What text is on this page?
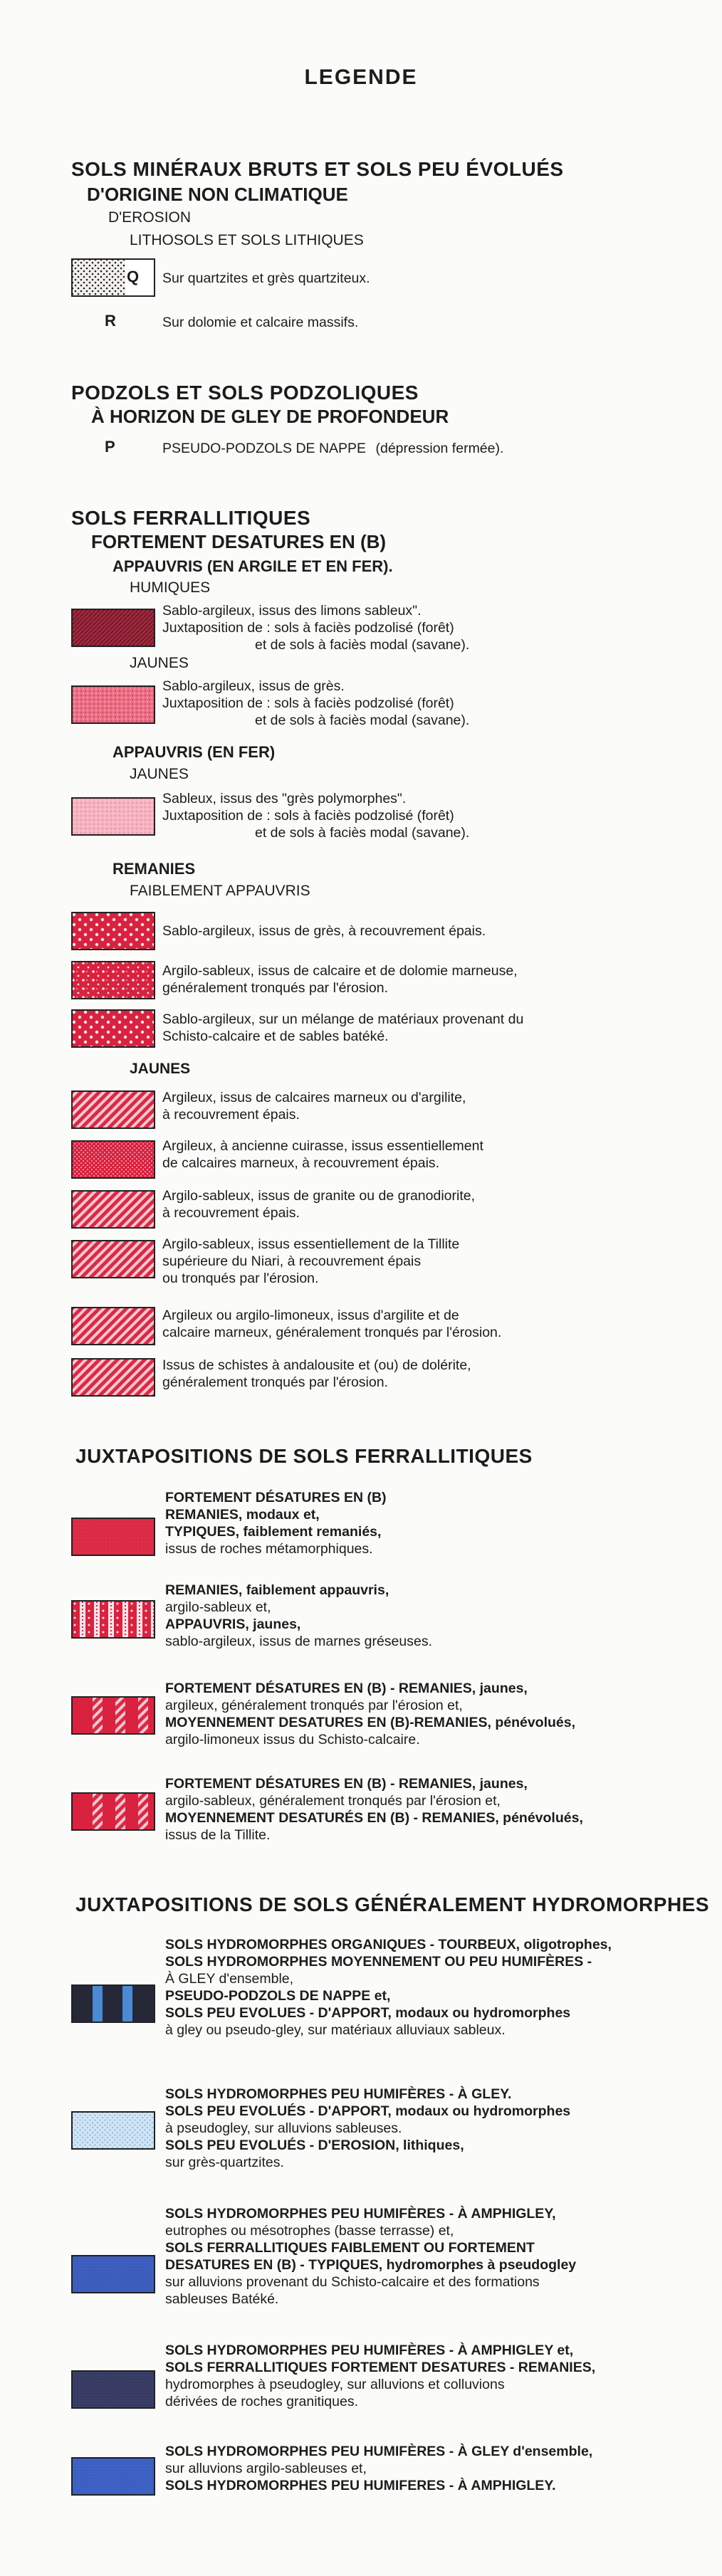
LEGENDE
SOLS MINÉRAUX BRUTS ET SOLS PEU ÉVOLUÉS
D'ORIGINE NON CLIMATIQUE
D'EROSION
LITHOSOLS ET SOLS LITHIQUES
Q Sur quartzites et grès quartziteux.
R	Sur dolomie et calcaire massifs.
PODZOLS ET SOLS PODZOLIQUES
À HORIZON DE GLEY DE PROFONDEUR
P	PSEUDO-PODZOLS DE NAPPE (dépression fermée).
SOLS FERRALLITIQUES
FORTEMENT DESATURES EN (B)
APPAUVRIS (EN ARGILE ET EN FER).
HUMIQUES
Sablo-argileux, issus des limons sableux".
Juxtaposition de : sols à faciès podzolisé (forêt)
et de sols à faciès modal (savane).
JAUNES
Sablo-argileux, issus de grès.
Juxtaposition de : sols à faciès podzolisé (forêt)
et de sols à faciès modal (savane).
APPAUVRIS (EN FER)
JAUNES
Sableux, issus des "grès polymorphes".
Juxtaposition de : sols à faciès podzolisé (forêt)
et de sols à faciès modal (savane).
REMANIES
FAIBLEMENT APPAUVRIS
Sablo-argileux, issus de grès, à recouvrement épais.
Argilo-sableux, issus de calcaire et de dolomie marneuse,
généralement tronqués par l'érosion.
Sablo-argileux, sur un mélange de matériaux provenant du
Schisto-calcaire et de sables batéké.
JAUNES
Argileux, issus de calcaires marneux ou d'argilite,
à recouvrement épais.
Argileux, à ancienne cuirasse, issus essentiellement
de calcaires marneux, à recouvrement épais.
Argilo-sableux, issus de granite ou de granodiorite,
à recouvrement épais.
Argilo-sableux, issus essentiellement de la Tillite
supérieure du Niari, à recouvrement épais
ou tronqués par l'érosion.
Argileux ou argilo-limoneux, issus d'argilite et de
calcaire marneux, généralement tronqués par l'érosion.
Issus de schistes à andalousite et (ou) de dolérite,
généralement tronqués par l'érosion.
JUXTAPOSITIONS DE SOLS FERRALLITIQUES
FORTEMENT DÉSATURES EN (B)
REMANIES, modaux et,
TYPIQUES, faiblement remaniés,
issus de roches métamorphiques.
REMANIES, faiblement appauvris,
argilo-sableux et,
APPAUVRIS, jaunes,
sablo-argileux, issus de marnes gréseuses.
FORTEMENT DÉSATURES EN (B) - REMANIES, jaunes,
argileux, généralement tronqués par l'érosion et,
MOYENNEMENT DESATURES EN (B)-REMANIES, pénévolués,
argilo-limoneux issus du Schisto-calcaire.
FORTEMENT DÉSATURES EN (B) - REMANIES, jaunes,
argilo-sableux, généralement tronqués par l'érosion et,
MOYENNEMENT DESATURÉS EN (B) - REMANIES, pénévolués,
issus de la Tillite.
JUXTAPOSITIONS DE SOLS GÉNÉRALEMENT HYDROMORPHES
SOLS HYDROMORPHES ORGANIQUES - TOURBEUX, oligotrophes,
SOLS HYDROMORPHES MOYENNEMENT OU PEU HUMIFÈRES -
À GLEY d'ensemble,
PSEUDO-PODZOLS DE NAPPE et,
SOLS PEU EVOLUES - D'APPORT, modaux ou hydromorphes
à gley ou pseudo-gley, sur matériaux alluviaux sableux.
SOLS HYDROMORPHES PEU HUMIFÈRES - À GLEY.
SOLS PEU EVOLUÉS - D'APPORT, modaux ou hydromorphes
à pseudogley, sur alluvions sableuses.
SOLS PEU EVOLUÉS - D'EROSION, lithiques,
sur grès-quartzites.
SOLS HYDROMORPHES PEU HUMIFÈRES - À AMPHIGLEY,
eutrophes ou mésotrophes (basse terrasse) et,
SOLS FERRALLITIQUES FAIBLEMENT OU FORTEMENT
DESATURES EN (B) - TYPIQUES, hydromorphes à pseudogley
sur alluvions provenant du Schisto-calcaire et des formations
sableuses Batéké.
SOLS HYDROMORPHES PEU HUMIFÈRES - À AMPHIGLEY et,
SOLS FERRALLITIQUES FORTEMENT DESATURES - REMANIES,
hydromorphes à pseudogley, sur alluvions et colluvions
dérivées de roches granitiques.
SOLS HYDROMORPHES PEU HUMIFÈRES - À GLEY d'ensemble,
sur alluvions argilo-sableuses et,
SOLS HYDROMORPHES PEU HUMIFERES - À AMPHIGLEY.
